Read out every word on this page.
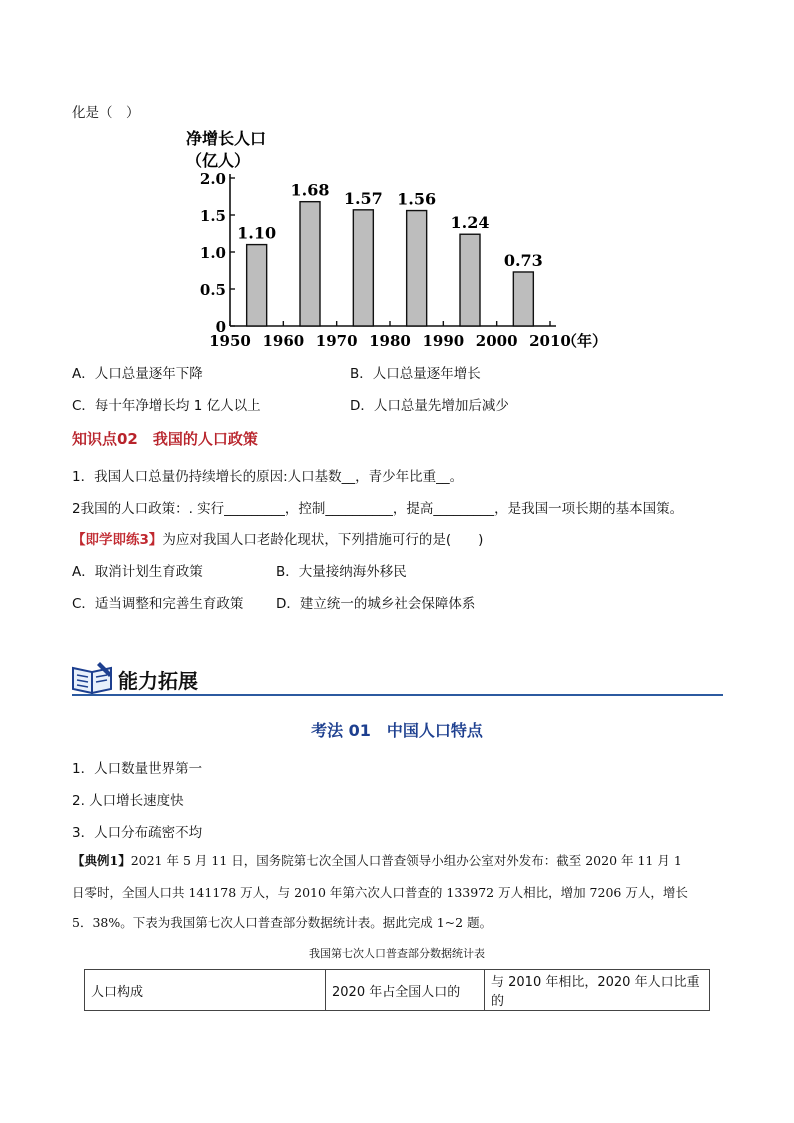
化是（　）
净增长人口
（亿人）
0
0.5
1.0
1.5
2.0
1950 1960 1970 1980 1990 2000 2010
1.10
1.68 1.57 1.56
1.24
0.73
（年）
A．人口总量逐年下降	B．人口总量逐年增长
C．每十年净增长均 1 亿人以上	D．人口总量先增加后减少
知识点02　我国的人口政策
1．我国人口总量仍持续增长的原因:人口基数__，青少年比重__。
2我国的人口政策：. 实行_________，控制__________，提高_________，是我国一项长期的基本国策。
【即学即练3】为应对我国人口老龄化现状，下列措施可行的是(　　)
A．取消计划生育政策	B．大量接纳海外移民
C．适当调整和完善生育政策 D．建立统一的城乡社会保障体系
能力拓展
考法 01　中国人口特点
1．人口数量世界第一
2. 人口增长速度快
3．人口分布疏密不均
【典例1】2021 年 5 月 11 日，国务院第七次全国人口普查领导小组办公室对外发布：截至 2020 年 11 月 1
日零时，全国人口共 141178 万人，与 2010 年第六次人口普查的 133972 万人相比，增加 7206 万人，增长
5．38%。下表为我国第七次人口普查部分数据统计表。据此完成 1~2 题。
我国第七次人口普查部分数据统计表
人口构成	2020 年占全国人口的	与 2010 年相比，2020 年人口比重的
